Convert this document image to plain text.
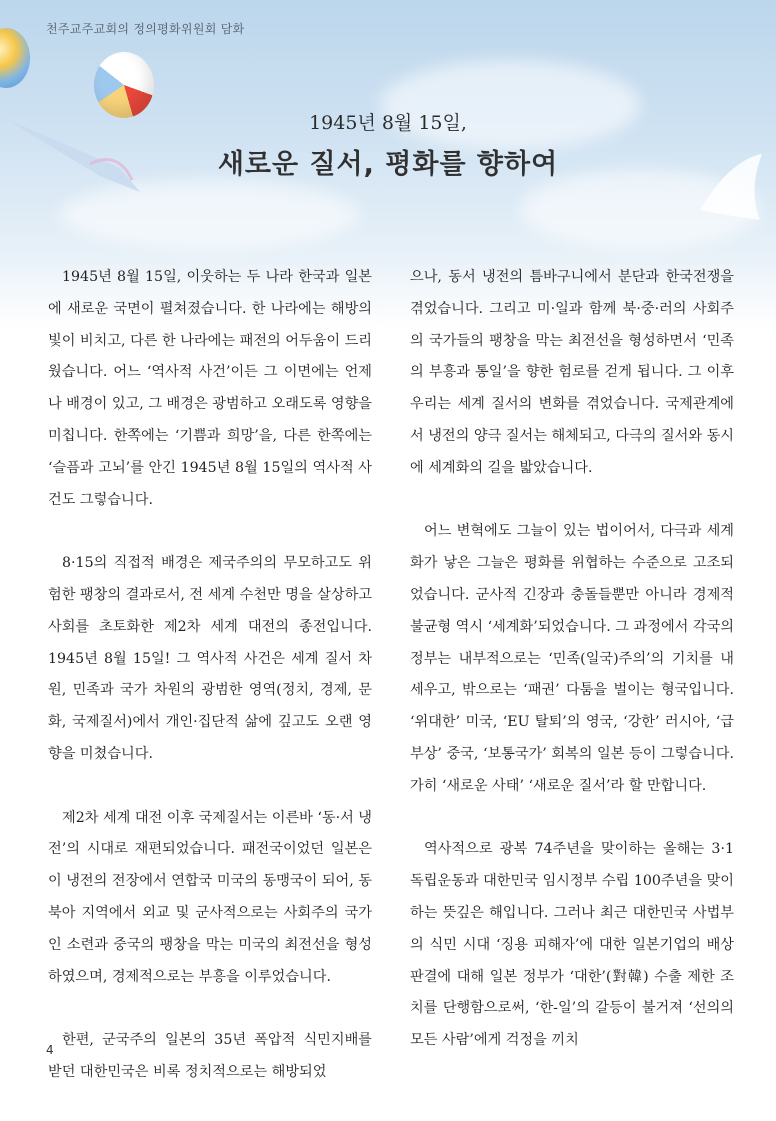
천주교주교회의 정의평화위원회 담화
1945년 8월 15일,
새로운 질서, 평화를 향하여

1945년 8월 15일, 이웃하는 두 나라 한국과 일본에 새로운 국면이 펼쳐졌습니다. 한 나라에는 해방의 빛이 비치고, 다른 한 나라에는 패전의 어두움이 드리웠습니다. 어느 ‘역사적 사건’이든 그 이면에는 언제나 배경이 있고, 그 배경은 광범하고 오래도록 영향을 미칩니다. 한쪽에는 ‘기쁨과 희망’을, 다른 한쪽에는 ‘슬픔과 고뇌’를 안긴 1945년 8월 15일의 역사적 사건도 그렇습니다.

8·15의 직접적 배경은 제국주의의 무모하고도 위험한 팽창의 결과로서, 전 세계 수천만 명을 살상하고 사회를 초토화한 제2차 세계 대전의 종전입니다. 1945년 8월 15일! 그 역사적 사건은 세계 질서 차원, 민족과 국가 차원의 광범한 영역(정치, 경제, 문화, 국제질서)에서 개인·집단적 삶에 깊고도 오랜 영향을 미쳤습니다.

제2차 세계 대전 이후 국제질서는 이른바 ‘동·서 냉전’의 시대로 재편되었습니다. 패전국이었던 일본은 이 냉전의 전장에서 연합국 미국의 동맹국이 되어, 동북아 지역에서 외교 및 군사적으로는 사회주의 국가인 소련과 중국의 팽창을 막는 미국의 최전선을 형성하였으며, 경제적으로는 부흥을 이루었습니다.

한편, 군국주의 일본의 35년 폭압적 식민지배를 받던 대한민국은 비록 정치적으로는 해방되었

으나, 동서 냉전의 틈바구니에서 분단과 한국전쟁을 겪었습니다. 그리고 미·일과 함께 북·중·러의 사회주의 국가들의 팽창을 막는 최전선을 형성하면서 ‘민족의 부흥과 통일’을 향한 험로를 걷게 됩니다. 그 이후 우리는 세계 질서의 변화를 겪었습니다. 국제관계에서 냉전의 양극 질서는 해체되고, 다극의 질서와 동시에 세계화의 길을 밟았습니다.

어느 변혁에도 그늘이 있는 법이어서, 다극과 세계화가 낳은 그늘은 평화를 위협하는 수준으로 고조되었습니다. 군사적 긴장과 충돌들뿐만 아니라 경제적 불균형 역시 ‘세계화’되었습니다. 그 과정에서 각국의 정부는 내부적으로는 ‘민족(일국)주의’의 기치를 내세우고, 밖으로는 ‘패권’ 다툼을 벌이는 형국입니다. ‘위대한’ 미국, ‘EU 탈퇴’의 영국, ‘강한’ 러시아, ‘급부상’ 중국, ‘보통국가’ 회복의 일본 등이 그렇습니다. 가히 ‘새로운 사태’ ‘새로운 질서’라 할 만합니다.

역사적으로 광복 74주년을 맞이하는 올해는 3·1 독립운동과 대한민국 임시정부 수립 100주년을 맞이하는 뜻깊은 해입니다. 그러나 최근 대한민국 사법부의 식민 시대 ‘징용 피해자’에 대한 일본기업의 배상 판결에 대해 일본 정부가 ‘대한’(對韓) 수출 제한 조치를 단행함으로써, ‘한-일’의 갈등이 불거져 ‘선의의 모든 사람’에게 걱정을 끼치

4
